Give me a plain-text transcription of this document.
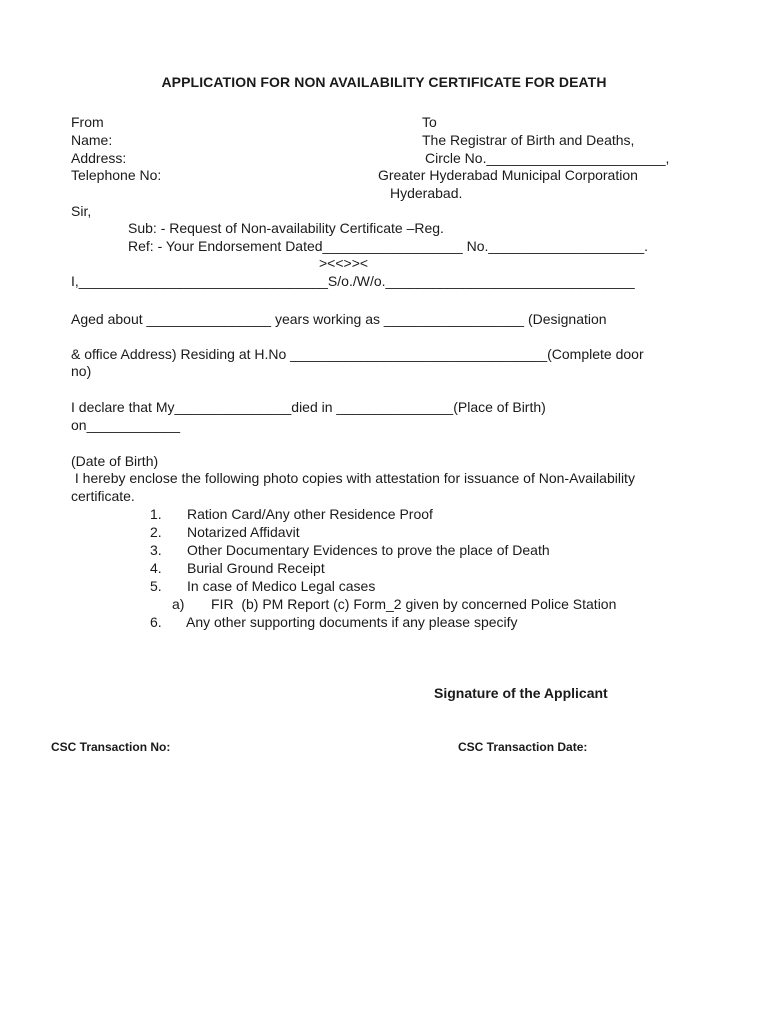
APPLICATION FOR NON AVAILABILITY CERTIFICATE FOR DEATH
From
Name:
Address:
Telephone No:
To
The Registrar of Birth and Deaths,
Circle No._______________________,
Greater Hyderabad Municipal Corporation
Hyderabad.
Sir,
Sub: - Request of Non-availability Certificate –Reg.
Ref: - Your Endorsement Dated__________________ No.____________________.
><<>><
I,________________________________S/o./W/o.________________________________
Aged about ________________ years working as __________________ (Designation
& office Address) Residing at H.No _________________________________(Complete door
no)
I declare that My_______________died in _______________(Place of Birth)
on____________
(Date of Birth)
I hereby enclose the following photo copies with attestation for issuance of Non-Availability
certificate.
1. Ration Card/Any other Residence Proof
2. Notarized Affidavit
3. Other Documentary Evidences to prove the place of Death
4. Burial Ground Receipt
5. In case of Medico Legal cases
a) FIR  (b) PM Report (c) Form_2 given by concerned Police Station
6. Any other supporting documents if any please specify
Signature of the Applicant
CSC Transaction No:	CSC Transaction Date:
